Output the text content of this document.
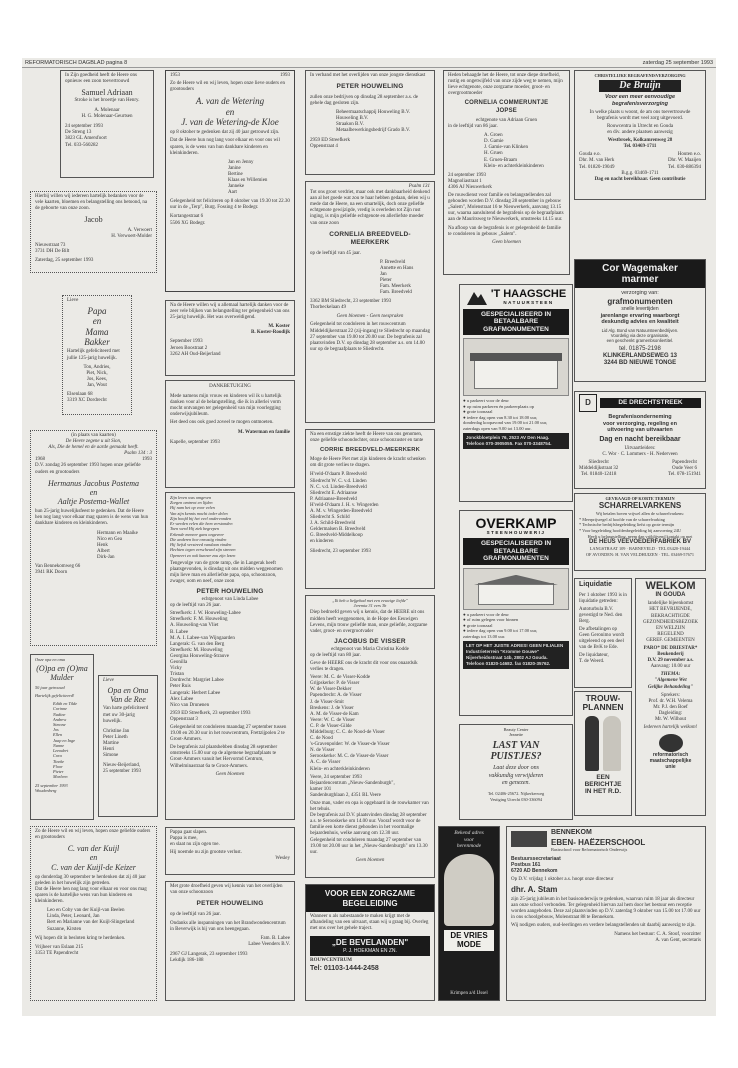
REFORMATORISCH DAGBLAD pagina 8	zaterdag 25 september 1993
In Zijn goedheid heeft de Heere ons opnieuw een zoon toevertrouwd
Samuel Adriaan
Stroke is het broertje van Henry.
A. Molenaar
H. G. Molenaar-Geurtsen
24 september 1993
De Streng 13
3823 GL Amersfoort
Tel. 033-560282
Hierbij willen wij iedereen hartelijk bedanken voor de vele kaarten, bloemen en belangstelling ons betoond, na de geboorte van onze zoon.
Jacob
A. Verwoert
H. Verwoert-Molder
Nieuwstraat 73
3731 DH De Bilt
Zaterdag, 25 september 1993
Lieve
Papa
en
Mama
Bakker
Hartelijk gefeliciteerd met jullie 125-jarig huwelijk.
Ton, Andries,
Piet, Nick,
Jos, Kees,
Jan, Wout
Elsenlaan 68
3319 XC Dordrecht
(in plaats van kaarten)
De Heere zegene u uit Sion,
Als, Die de hemel en de aarde gemaakt heeft.
Psalm 134 : 3
1968	1993
D.V. zondag 26 september 1993 hopen onze geliefde ouders en grootouders
Hermanus Jacobus Postema
en
Aaltje Postema-Wallet
hun 25-jarig huwelijksfeest te gedenken. Dat de Heere hen nog lang voor elkaar mag sparen is de wens van hun dankbare kinderen en kleinkinderen.
Hermann en Maaike
Nico en Gea
Henk
Albert
Dirk-Jan
Van Bennekomweg 66
3941 RK Doorn
Onze opa en oma
(O)pa en (O)ma
Mulder
50 jaar getrouwd
Hartelijk gefeliciteerd!
Edith en Tilde
Corinne
Nadine
Andrew
Simone
Jos
Ellen
Jaap en Inge
Nanne
Leendert
Cora
Tineke
Floor
Pieter
Marleen
25 september 1993
Woudenberg
Lieve
Opa en Oma
Van de Ree
Van harte gefeliciteerd met uw 30-jarig huwelijk.
Christine Jan
Peter Lineth
Martine
Henri
Simone
Nieuw-Beijerland,
25 september 1993
Zo de Heere wil en wij leven, hopen onze geliefde ouders en grootouders
C. van der Kuijl
en
C. van der Kuijl-de Keizer
op donderdag 30 september te herdenken dat zij 40 jaar geleden in het huwelijk zijn getreden.
Dat de Heere hen nog lang voor elkaar en voor ons mag sparen is de hartelijke wens van hun kinderen en kleinkinderen.
Leo en Coby van der Kuijl-van Beelen
Linda, Peter, Leonard, Jan
Bert en Marianne van der Kuijl-Slingerland
Suzanne, Kirsten
Wij hopen dit in besloten kring te herdenken.
Vrijheer van Eslaan 215
3353 TE Papendrecht
1953	1993
Zo de Heere wil en wij leven, hopen onze lieve ouders en grootouders
A. van de Wetering
en
J. van de Wetering-de Kloe
op 8 oktober te gedenken dat zij 40 jaar getrouwd zijn.
Dat de Heere hun nog lang voor elkaar en voor ons wil sparen, is de wens van hun dankbare kinderen en kleinkinderen.
Jan en Jenny
Janine
Bertine
Klaas en Willemien
Janneke
Aart
Gelegenheid tot feliciteren op 8 oktober van 19.30 tot 22.30 uur in de „Terp", Burg. Fossing 4 te Bodegr.
Kortangestraat 6
5506 XG Bodegr.
Na de Heere willen wij u allemaal hartelijk danken voor de zeer vele blijken van belangstelling ter gelegenheid van ons 25-jarig huwelijk. Het was overweldigend.
M. Koster
B. Koster-Roodijk
September 1993
Jeroen Boostraat 2
3262 AH Oud-Beijerland
DANKBETUIGING
Mede namens mijn vrouw en kinderen wil ik u hartelijk danken voor al de belangstelling, die ik in allerlei vorm mocht ontvangen ter gelegenheid van mijn voorlegging onderwijsjubileum.
Het deed ons ook goed zoveel te mogen ontmoeten.
M. Waterman en familie
Kapelle, september 1993
Zijn leven was omgeven
Zorgen omtrent en lijden
Hij nam het op voor velen
Van zijn kennis mocht ieder delen
Zijn hoofd bij het veel ondervonden
Er werden velen die hem verstonden
Toen werd Hij ziek begrepen
Erkende meneer gans ongeveer
Die anderen hoe onrustig vinden
Hij liefstl verstreed vandaan vinden
Hechten tegen verscheurd zijn strenen
Openeert zo ook kunner zou zijn lezen
Tengevolge van de grote ramp, die in Langerak heeft plaatsgevonden, is dinsdag uit ons midden weggenomen mijn lieve man en allerliefste papa, opa, schoonzoon, zwager, oom en neef, onze zoon
PETER HOUWELING
echtgenoot van Linda Labee
op de leeftijd van 26 jaar.
Streefkerk: J. W. Houweling-Labee
Streefkerk: F. M. Houweling
A. Houweling-van Vliet
B. Labee
M. A. I. Labee-van Wijngaarden
Langerak: G. van den Berg
Streefkerk: M. Houweling
Georgina Houweling-Strauve
Geonilla
Vicky
Tristan
Dordrecht: Margriet Labee
Peter Ruis
Langerak: Herbert Labee
Alex Labee
Nico van Drunenen
2959 ED Streefkerk, 23 september 1993
Oppenstraat 3
Gelegenheid tot condoleren maandag 27 september tussen 19.00 en 20.30 uur in het rouwcentrum, Frettzijpolen 2 te Groot-Ammers.
De begrafenis zal plaatshebben dinsdag 28 september omstreeks 15.00 uur op de algemene begraafplaats te Groot-Ammers vanuit het Hervormd Centrum, Wilhelminastraat 6a te Groot-Ammers.
Geen bloemen
Pappa gaat slapen.
Pappa is mee,
en slaat nu zijn ogen toe.
Hij noemde nu zijn grootste verlust.
Wesley
Met grote droefheid geven wij kennis van het overlijden van onze schoonzoon
PETER HOUWELING
op de leeftijd van 26 jaar.
Ondanks alle inspanningen van het Brandwondencentrum in Beverwijk is hij van ons heengegaan.
Fam. B. Labee
Labee Veenders B.V.
2967 GJ Langerak, 23 september 1993
Lekdijk 186-188
In verband met het overlijden van onze jongste dienstkast
PETER HOUWELING
zullen onze bedrijven op dinsdag 28 september a.s. de gehele dag gesloten zijn.
Beheermaatschappij Houweling B.V.
Houweling B.V.
Straakon B.V.
Metaalbewerkingsbedrijf Grado B.V.
2959 ED Streefkerk
Oppenstraat 4
Psalm 131
Tot ons groot verdriet, maar ook met dankbaarheid denkend aan al het goede wat zou te haar hebben gedaan, delen wij u mede dat de Heere, na een smartelijk, doch onze geliefde echtgenote gewijzigde, vredig is overleden tot Zijn rust inging, is mijn geliefde echtgenote en allerliefste moeder van onze zoon
CORNELIA BREEDVELD-
MEERKERK
op de leeftijd van 45 jaar.
P. Breedveld
Annette en Hans
Jan
Pieter
Fam. Meerkerk
Fam. Breedveld
3362 BM Sliedrecht, 23 september 1993
Thorbeckelaan 49
Geen bloemen - Geen toespraken
Gelegenheid tot condoleren in het rouwcentrum Middeldijkerstraat 22 (zij-ingang) te Sliedrecht op maandag 27 september van 19.00 tot 20.00 uur. De begrafenis zal plaatsvinden D.V. op dinsdag 28 september a.s. om 14.00 uur op de begraafplaats te Sliedrecht.
Na een ernstige ziekte heeft de Heere van ons genomen, onze geliefde schoondochter, onze schoonzuster en tante
CORRIE BREEDVELD-MEERKERK
Moge de Heere Piet met zijn kinderen de kracht schenken om dit grote verlies te dragen.
H'veld-O'daam P. Breedveld
Sliedrecht W. C. v.d. Linden
N. C. v.d. Linden-Breedveld
Sliedrecht E. Adriaanse
P. Adriaanse-Breedveld
H'veld-O'daam J. H. v. Wingerden
A. M. v. Wingerden-Breedveld
Sliedrecht S. Schild
J. A. Schild-Breedveld
Geldermalsen B. Breedveld
G. Breedveld-Middelkoop
en kinderen
Sliedrecht, 23 september 1993
„Ik heb u liefgehad met een eeuwige liefde"
Jeremia 31 vers 3b
Diep bedroefd geven wij u kennis, dat de HEERE uit ons midden heeft weggenomen, in de Hope des Eeuwigen Levens, mijn trouw geliefde man, onze geliefde, zorgzame vader, groot- en overgrootvader
JACOBUS DE VISSER
echtgenoot van Maria Christina Kodde
op de leeftijd van 80 jaar.
Geve de HEERE ons de kracht dit voor ons onaardsik verlies te dragen.
Veere: M. C. de Visser-Kodde
Grijpskerke: P. de Visser
W. de Visser-Dekker
Papendrecht: A. de Visser
J. de Visser-Smit
Breskens: J. de Visser
A. M. de Visser-de Kam
Veere: W. C. de Visser
C. P. de Visser-Gilde
Middelburg: C. C. de Nood-de Visser
C. de Nood
's-Gravenpolder: W. de Visser-de Visser
N. de Visser
Serooskerke: M. C. de Visser-de Visser
A. C. de Visser
Klein- en achterkleinkinderen
Veere, 24 september 1993
Bejaardencentrum „Nieuw-Sandenburgh",
kamer 101
Sandenburghlaan 2, 4351 BL Veere
Onze man, vader en opa is opgebaard in de rouwkamer van het tehuis.
De begrafenis zal D.V. plaatsvinden dinsdag 28 september a.s. te Serooskerke om 14.00 uur. Vooraf wordt voor de familie een korte dienst gehouden in het voormalige bejaardenhuis, welke aanvang om 12.30 uur.
Gelegenheid tot condoleren maandag 27 september van 19.00 tot 20.00 uur in het „Nieuw-Sandenburgh" om 13.30 uur.
Geen bloemen
VOOR EEN ZORGZAME
BEGELEIDING
Wanneer u als nabestaande te maken krijgt met de afhandeling van een uitvaart, staan wij u graag bij. Overleg met ons over het gehele traject.
„DE BEVELANDEN"
P. J. HOEKMAN EN ZN.
ROUWCENTRUM
Tel: 01103-1444-2458
Heden behaagde het de Heere, tot onze diepe droefheid, rustig en ongetwijfeld van onze zijde weg te nemen, mijn lieve echtgenote, onze zorgzame moeder, groot- en overgrootmoeder
CORNELIA COMMERUNTJE
JOPSE
echtgenote van Adriaan Gruen
in de leeftijd van 86 jaar.
A. Groen
D. Gamie
J. Gamie-van Klinken
H. Gruen
E. Gruen-Braam
Klein- en achterkleinkinderen
24 september 1993
Magnoliastraat 1
4306 AJ Nieuwerkerk
De rouwdienst voor familie en belangstellenden zal gehouden worden D.V. dinsdag 28 september in gebouw „Salem", Molenstraat 16 te Nieuwerkerk, aanvang 13.15 uur, waarna aansluitend de begrafenis op de begraafplaats aan de Mauritsweg te Nieuwerkerk, omstreeks 14.15 uur.
Na afloop van de begrafenis is er gelegenheid de familie te condoleren in gebouw „Salem".
Geen bloemen
'T HAAGSCHE
NATUURSTEEN
GESPECIALISEERD IN
BETAALBARE
GRAFMONUMENTEN
● u parkeert voor de deur
● op ruim parkeren én parkeerplaats op
● grote toonzaal
● iedere dag open van 8.30 tot 18.00 uur,
donderdag koopavond van 19.00 tot 21.00 uur,
zaterdags open van 9.00 tot 13.00 uur.
Jonckbloetplein 76, 2523 AV Den Haag.
Telefoon 070-3905055. Fax 070-3348754.
OVERKAMP
STEENHOUWERIJ
GESPECIALISEERD IN
BETAALBARE
GRAFMONUMENTEN
● u parkeert voor de deur
● of ruim gelegen voor binnen
● grote toonzaal
● iedere dag open van 9.00 tot 17.00 uur,
zaterdags tot 13.00 uur.
LET OP HET JUISTE ADRES! GEEN FILIALEN
Industrieterrein "Kromme Gouwe"
Nijverheidsstraat 14b, 2802 AJ Gouda.
Telefoon 01820-14682. fax 01820-35762.
Beauty Center
Jeanette
LAST VAN
PUISTJES?
Laat deze door ons
vakkundig verwijderen
en genezen.
Tel. 02406-25672. Nijkerkerweg
Vestiging Utrecht 030-336094
Bekend adres
voor
herenmode
DE VRIES
MODE
Krimpen a/d IJssel
CHRISTELIJKE BEGRAFENISVERZORGING
De Bruijn
Voor een meer eenvoudige
begrafenisverzorging
In welke plaats u woont, de am ons toevertrouwde begrafenis wordt met veel zorg uitgevoerd.
Rouwcentra in Utrecht en Gouda
en div. andere plaatsen aanwezig
Westbroek, Kolkamrenweg 28
Tel. 03469-1711
Gouda e.o.
Dhr. M. van Herk
Tel. 01820-19049
Houten e.o.
Dhr. W. Maaijen
Tel. 030-886394
B.g.g. 03469-1711
Dag en nacht bereikbaar. Geen contributie
Cor Wagemaker
marmer
verzorging van:
grafmonumenten
snelle levertijden
jarenlange ervaring waarborgt
deskundig advies en kwaliteit
Lid Alg. Bond van Natuursteenbedrijven.
Voordelig via deze organisatie,
een geschenkt gramenbsonliertitel.
tel. 01875-2198
KLINKERLANDSEWEG 13
3244 BD NIEUWE TONGE
D	DE DRECHTSTREEK
Begrafenisonderneming
voor verzorging, regeling en
uitvoering van uitvaarten
Dag en nacht bereikbaar
Uitvaartleiders:
C. Wor · C. Lommers - H. Nederveen
Sliedrecht
Middeldijkstraat 32
Tel. 01840-12418
Papendrecht
Oude Veer 6
Tel. 078-151941
GEVRAAGD OP KORTE TERMIJN
SCHARRELVARKENS
Wij betalen boven vrijwel allen de scharrelvarkens:
* Meerprijsregel al hoofde van de scharrelvarking
* Technische bedrijfsbegeleiding liefst op grote termijn
* Voor begeleiding hoofdenbegeleiding bij aanvoering 24U
Heeft u belangstelling, neem dan vrijblijvend kontakt op met
DE HEUS VEEVOEDERFABRIEK BV
LANGSTRAAT 109 · BARNEVELD · TEL 03420-19444
OF AVONDEN: H. VAN VELDHUIZEN · TEL. 03469-57671
Liquidatie
Per 1 oktober 1993 is in liquidatie getreden:
Autoturbula B.V.
gevestigd te Ned. den Berg.
De afbetalingen op Geen Geronimo wordt uitgeleend op een deel van de BvK te Ede.
De liquidateur,
T. de Weerd.
WELKOM
IN GOUDA
landelijke bijeenkomst
HET BEVRIJENDE,
BEKRACHTIGDE
GEZONDHEIDSBEZOEK
EN WELZIJN
REGELEND
GEREF. GEMEENTEN
PARO* DE DRIESTAR*
Beukenderij
D.V. 29 november a.s.
Aanvang: 10.00 uur
THEMA:
"Algemene Wet
Gelijke Behandeling"
Sprekers:
Prof. dr. W.H. Velema
Mr. P.J. den Boef
Dagleiding:
Mr. W. Wilhout
Iedereen hartelijk welkom!
reformatorisch
maatschappelijke
unie
TROUW-
PLANNEN
EEN
BERICHTJE
IN HET R.D.
BENNEKOM
EBEN- HAËZERSCHOOL
Basisschool voor Reformatorisch Onderwijs
Bestuurssecretariaat
Postbus 161
6720 AD Bennekom
Op D.V. vrijdag 1 oktober a.s. hoopt onze directeur
dhr. A. Stam
zijn 25-jarig jubileum in het basisonderwijs te gedenken, waarvan ruim 18 jaar als directeur aan onze school verbonden. Ter gelegenheid hiervan zal hem door het bestuur een receptie worden aangeboden. Deze zal plaatsvinden op D.V. zaterdag 9 oktober van 15.00 tot 17.00 uur in ons schoolgebouw, Molenstraat 88 te Bennekom.
Wij nodigen ouders, oud-leerlingen en verdere belangstellenden uit daarbij aanwezig te zijn.
Namens het bestuur: C. A. Stoof, voorzitter
A. van Gent, secretaris
